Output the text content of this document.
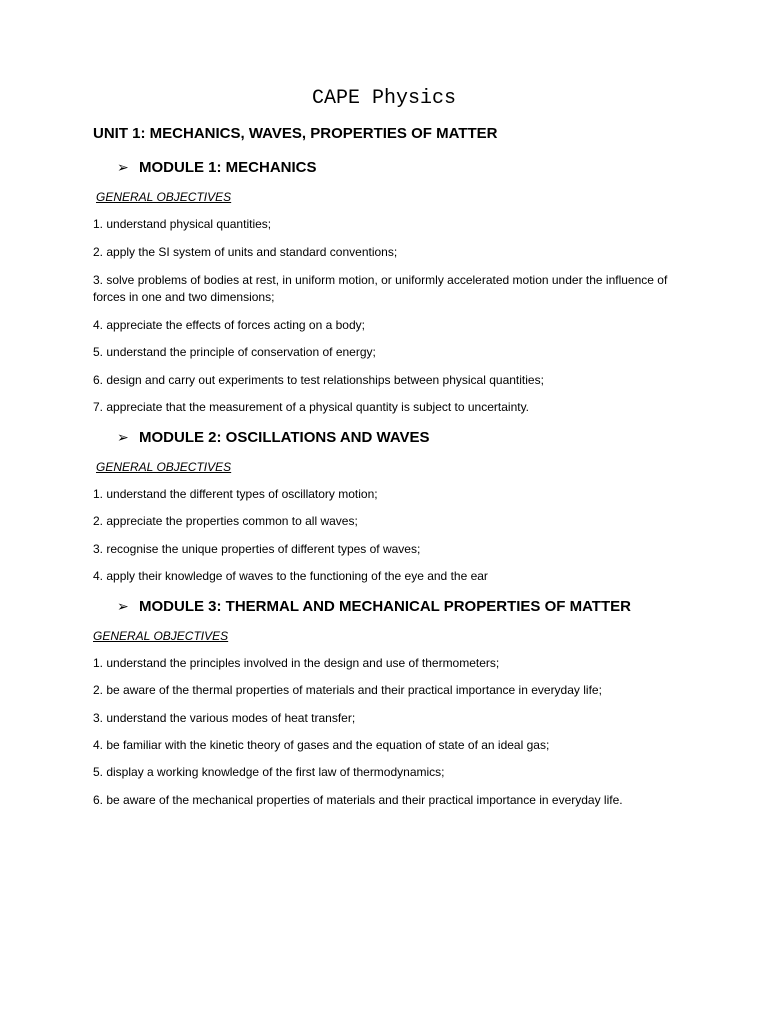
CAPE Physics
UNIT 1: MECHANICS, WAVES, PROPERTIES OF MATTER
➢ MODULE 1: MECHANICS
GENERAL OBJECTIVES
1. understand physical quantities;
2. apply the SI system of units and standard conventions;
3. solve problems of bodies at rest, in uniform motion, or uniformly accelerated motion under the influence of forces in one and two dimensions;
4. appreciate the effects of forces acting on a body;
5. understand the principle of conservation of energy;
6. design and carry out experiments to test relationships between physical quantities;
7. appreciate that the measurement of a physical quantity is subject to uncertainty.
➢ MODULE 2: OSCILLATIONS AND WAVES
GENERAL OBJECTIVES
1. understand the different types of oscillatory motion;
2. appreciate the properties common to all waves;
3. recognise the unique properties of different types of waves;
4. apply their knowledge of waves to the functioning of the eye and the ear
➢ MODULE 3: THERMAL AND MECHANICAL PROPERTIES OF MATTER
GENERAL OBJECTIVES
1. understand the principles involved in the design and use of thermometers;
2. be aware of the thermal properties of materials and their practical importance in everyday life;
3. understand the various modes of heat transfer;
4. be familiar with the kinetic theory of gases and the equation of state of an ideal gas;
5. display a working knowledge of the first law of thermodynamics;
6. be aware of the mechanical properties of materials and their practical importance in everyday life.
